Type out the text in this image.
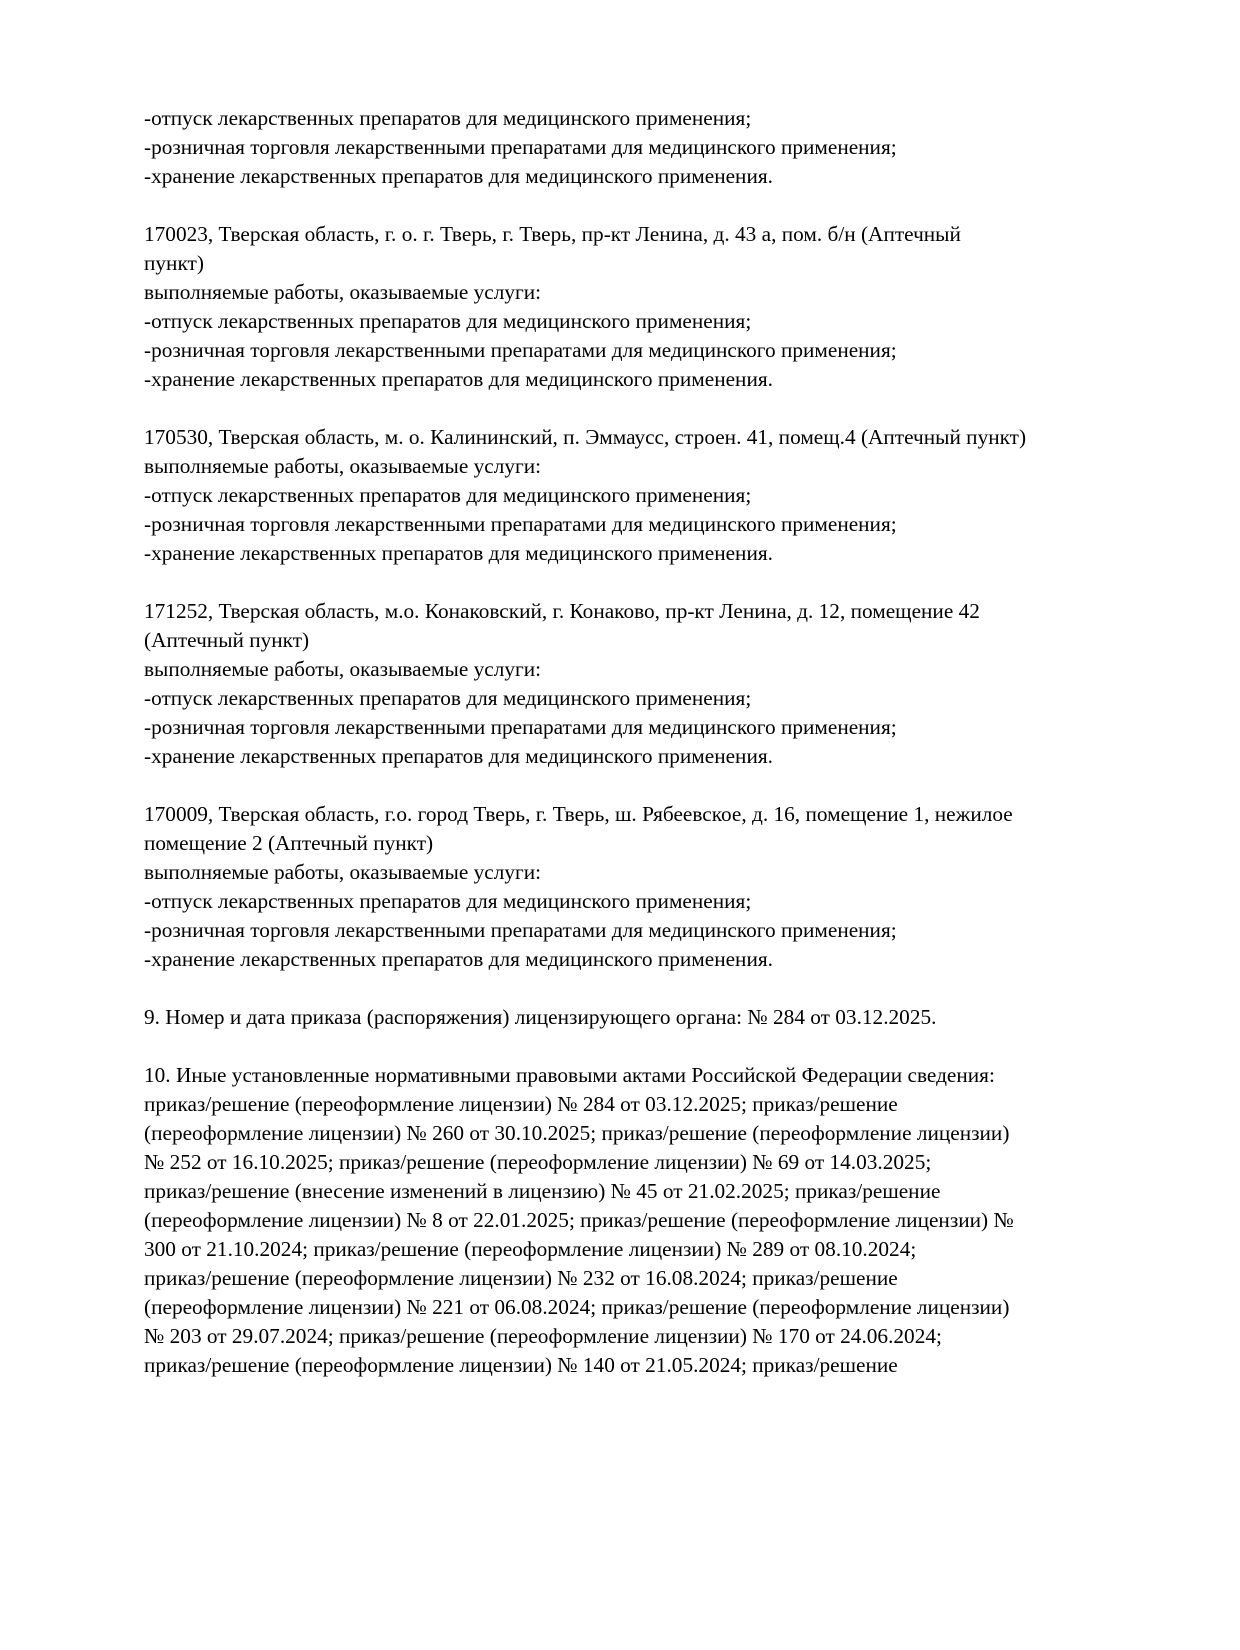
-отпуск лекарственных препаратов для медицинского применения;
-розничная торговля лекарственными препаратами для медицинского применения;
-хранение лекарственных препаратов для медицинского применения.
170023, Тверская область, г. о. г. Тверь, г. Тверь, пр-кт Ленина, д. 43 а, пом. б/н (Аптечный
пункт)
выполняемые работы, оказываемые услуги:
-отпуск лекарственных препаратов для медицинского применения;
-розничная торговля лекарственными препаратами для медицинского применения;
-хранение лекарственных препаратов для медицинского применения.
170530, Тверская область, м. о. Калининский, п. Эммаусс, строен. 41, помещ.4 (Аптечный пункт)
выполняемые работы, оказываемые услуги:
-отпуск лекарственных препаратов для медицинского применения;
-розничная торговля лекарственными препаратами для медицинского применения;
-хранение лекарственных препаратов для медицинского применения.
171252, Тверская область, м.о. Конаковский, г. Конаково, пр-кт Ленина, д. 12, помещение 42
(Аптечный пункт)
выполняемые работы, оказываемые услуги:
-отпуск лекарственных препаратов для медицинского применения;
-розничная торговля лекарственными препаратами для медицинского применения;
-хранение лекарственных препаратов для медицинского применения.
170009, Тверская область, г.о. город Тверь, г. Тверь, ш. Рябеевское, д. 16, помещение 1, нежилое
помещение 2 (Аптечный пункт)
выполняемые работы, оказываемые услуги:
-отпуск лекарственных препаратов для медицинского применения;
-розничная торговля лекарственными препаратами для медицинского применения;
-хранение лекарственных препаратов для медицинского применения.
9. Номер и дата приказа (распоряжения) лицензирующего органа: № 284 от 03.12.2025.
10. Иные установленные нормативными правовыми актами Российской Федерации сведения:
приказ/решение (переоформление лицензии) № 284 от 03.12.2025; приказ/решение
(переоформление лицензии) № 260 от 30.10.2025; приказ/решение (переоформление лицензии)
№ 252 от 16.10.2025; приказ/решение (переоформление лицензии) № 69 от 14.03.2025;
приказ/решение (внесение изменений в лицензию) № 45 от 21.02.2025; приказ/решение
(переоформление лицензии) № 8 от 22.01.2025; приказ/решение (переоформление лицензии) №
300 от 21.10.2024; приказ/решение (переоформление лицензии) № 289 от 08.10.2024;
приказ/решение (переоформление лицензии) № 232 от 16.08.2024; приказ/решение
(переоформление лицензии) № 221 от 06.08.2024; приказ/решение (переоформление лицензии)
№ 203 от 29.07.2024; приказ/решение (переоформление лицензии) № 170 от 24.06.2024;
приказ/решение (переоформление лицензии) № 140 от 21.05.2024; приказ/решение
